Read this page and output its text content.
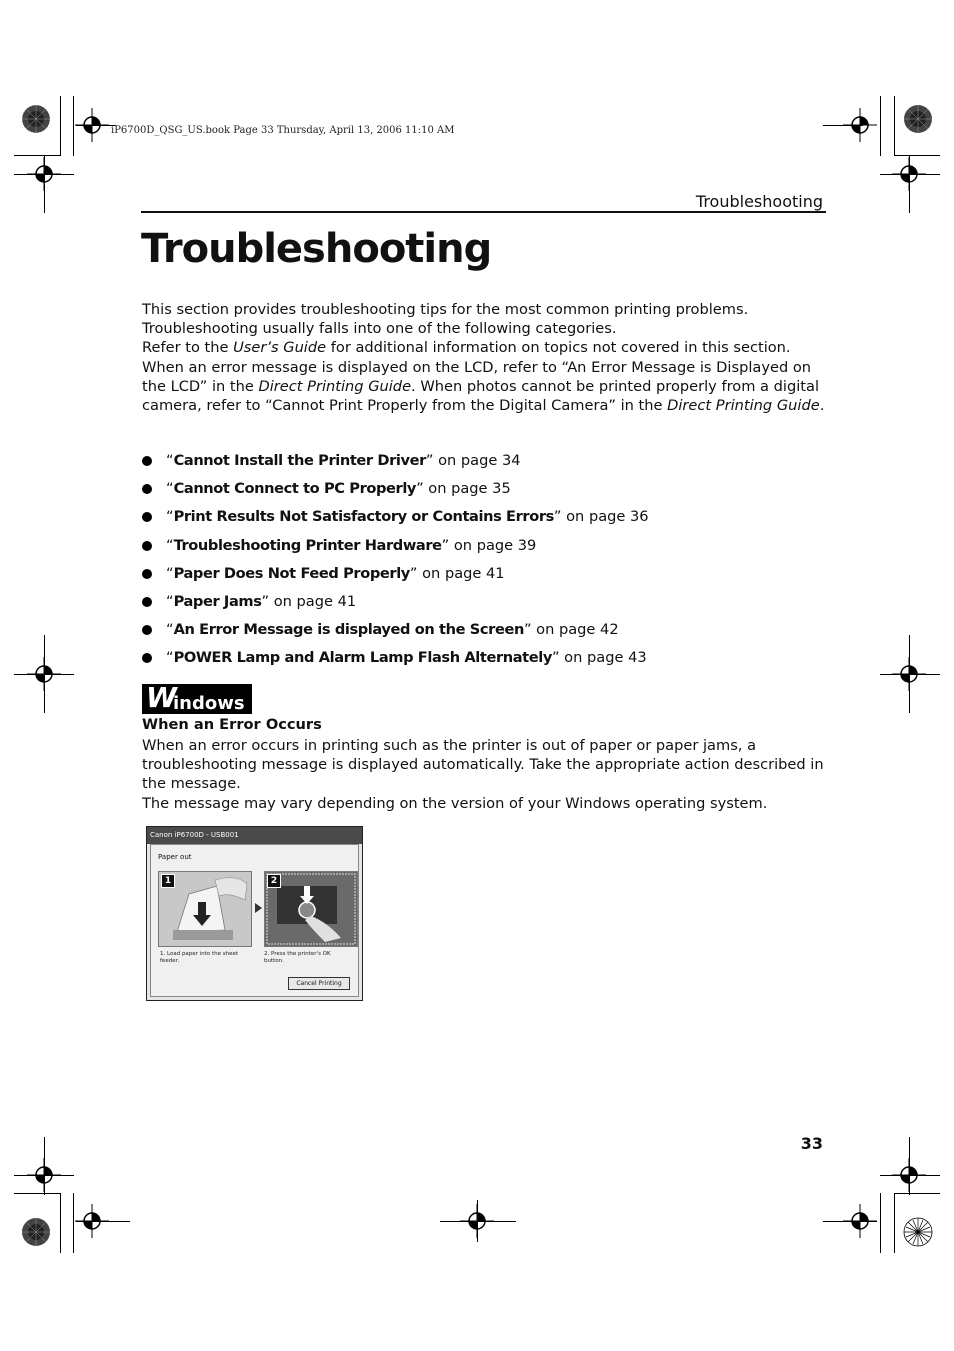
iP6700D_QSG_US.book Page 33 Thursday, April 13, 2006 11:10 AM
Troubleshooting
Troubleshooting

This section provides troubleshooting tips for the most common printing problems.

Troubleshooting usually falls into one of the following categories.

Refer to the User’s Guide for additional information on topics not covered in this section.

When an error message is displayed on the LCD, refer to “An Error Message is Displayed on the LCD” in the Direct Printing Guide. When photos cannot be printed properly from a digital camera, refer to “Cannot Print Properly from the Digital Camera” in the Direct Printing Guide.

“Cannot Install the Printer Driver” on page 34
“Cannot Connect to PC Properly” on page 35
“Print Results Not Satisfactory or Contains Errors” on page 36
“Troubleshooting Printer Hardware” on page 39
“Paper Does Not Feed Properly” on page 41
“Paper Jams” on page 41
“An Error Message is displayed on the Screen” on page 42
“POWER Lamp and Alarm Lamp Flash Alternately” on page 43
W
indows
When an Error Occurs

When an error occurs in printing such as the printer is out of paper or paper jams, a troubleshooting message is displayed automatically. Take the appropriate action described in the message.

The message may vary depending on the version of your Windows operating system.

Canon iP6700D - USB001
Paper out
1	2
1. Load paper into the sheet feeder.
2. Press the printer's OK button.
Cancel Printing
33
